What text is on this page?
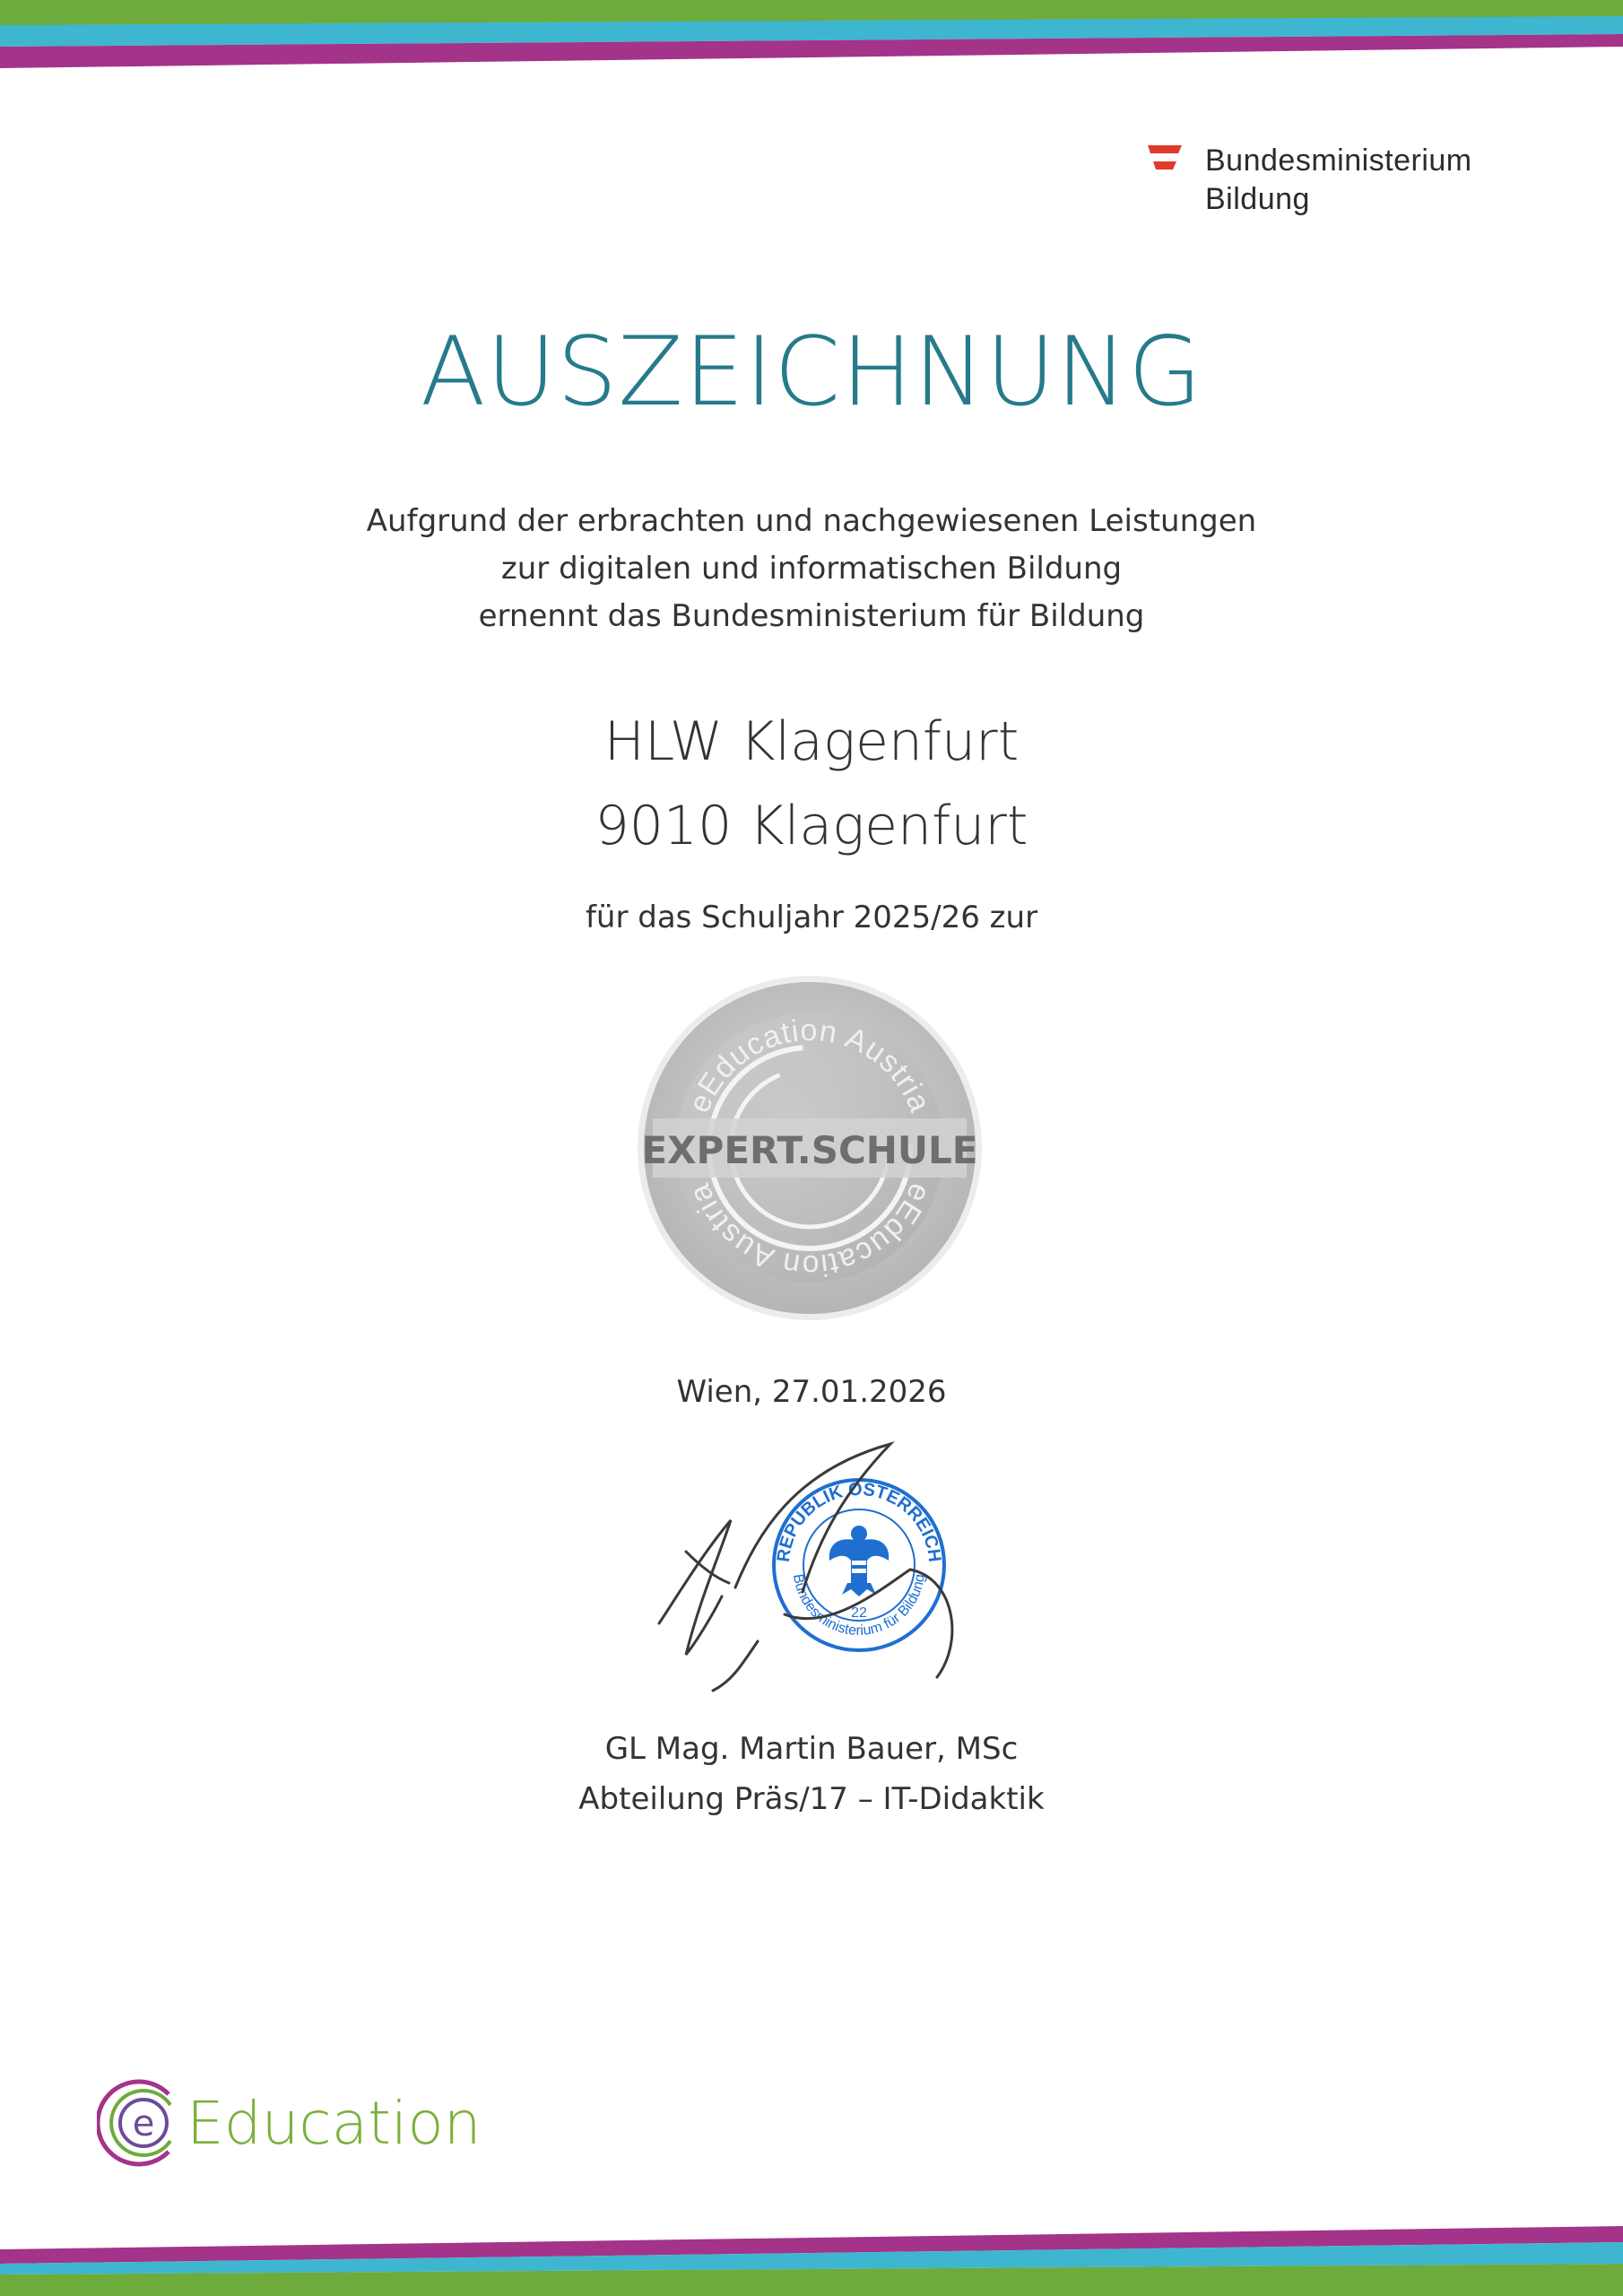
Bundesministerium
Bildung
AUSZEICHNUNG
Aufgrund der erbrachten und nachgewiesenen Leistungen
zur digitalen und informatischen Bildung
ernennt das Bundesministerium für Bildung
HLW Klagenfurt
9010 Klagenfurt
für das Schuljahr 2025/26 zur
eEducation Austria
eEducation Austria
EXPERT.SCHULE
Wien, 27.01.2026
REPUBLIK ÖSTERREICH
Bundesministerium für Bildung
22
GL Mag. Martin Bauer, MSc
Abteilung Präs/17 – IT-Didaktik
e Education
